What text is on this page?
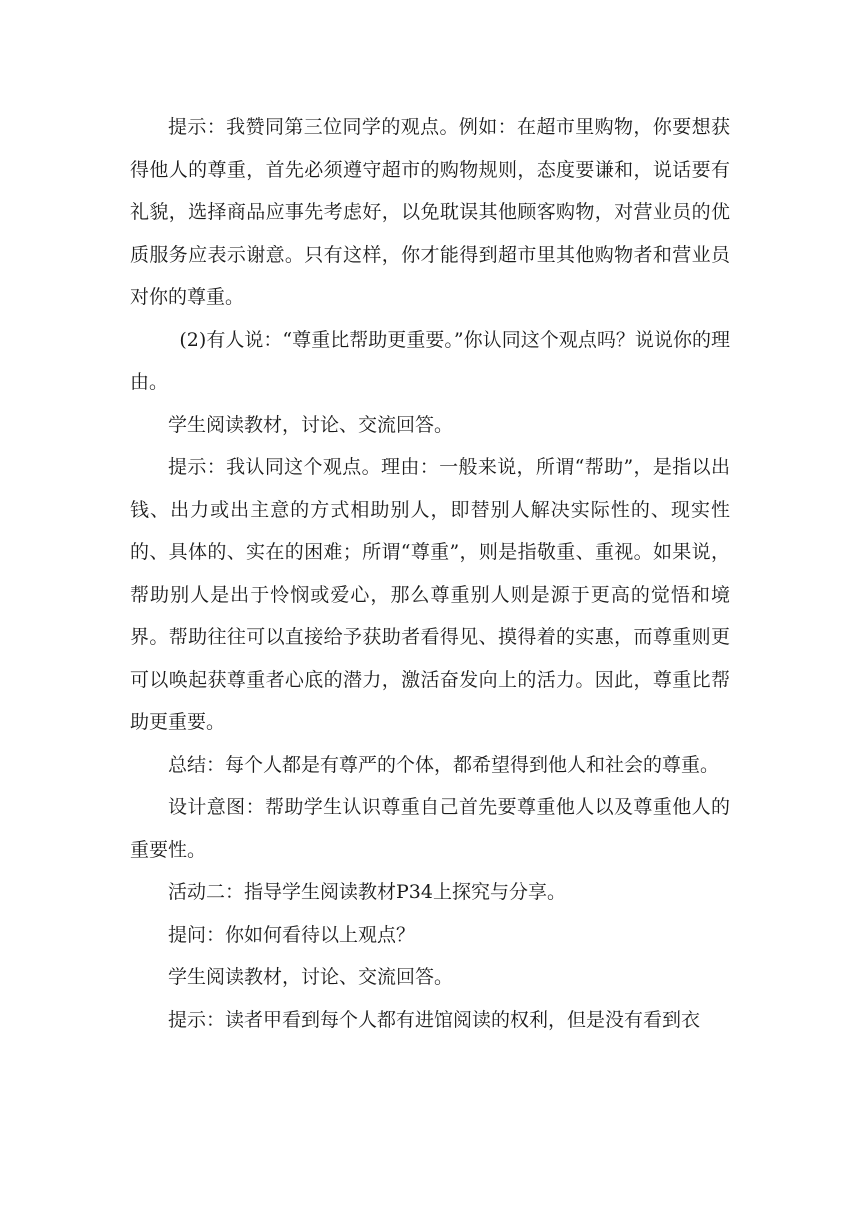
提示：我赞同第三位同学的观点。例如：在超市里购物，你要想获得他人的尊重，首先必须遵守超市的购物规则，态度要谦和，说话要有礼貌，选择商品应事先考虑好，以免耽误其他顾客购物，对营业员的优质服务应表示谢意。只有这样，你才能得到超市里其他购物者和营业员对你的尊重。

(2)有人说：“尊重比帮助更重要。”你认同这个观点吗？说说你的理由。

学生阅读教材，讨论、交流回答。

提示：我认同这个观点。理由：一般来说，所谓“帮助”，是指以出钱、出力或出主意的方式相助别人，即替别人解决实际性的、现实性的、具体的、实在的困难；所谓“尊重”，则是指敬重、重视。如果说，帮助别人是出于怜悯或爱心，那么尊重别人则是源于更高的觉悟和境界。帮助往往可以直接给予获助者看得见、摸得着的实惠，而尊重则更可以唤起获尊重者心底的潜力，激活奋发向上的活力。因此，尊重比帮助更重要。

总结：每个人都是有尊严的个体，都希望得到他人和社会的尊重。

设计意图：帮助学生认识尊重自己首先要尊重他人以及尊重他人的重要性。

活动二：指导学生阅读教材P34上探究与分享。

提问：你如何看待以上观点？

学生阅读教材，讨论、交流回答。

提示：读者甲看到每个人都有进馆阅读的权利，但是没有看到衣
